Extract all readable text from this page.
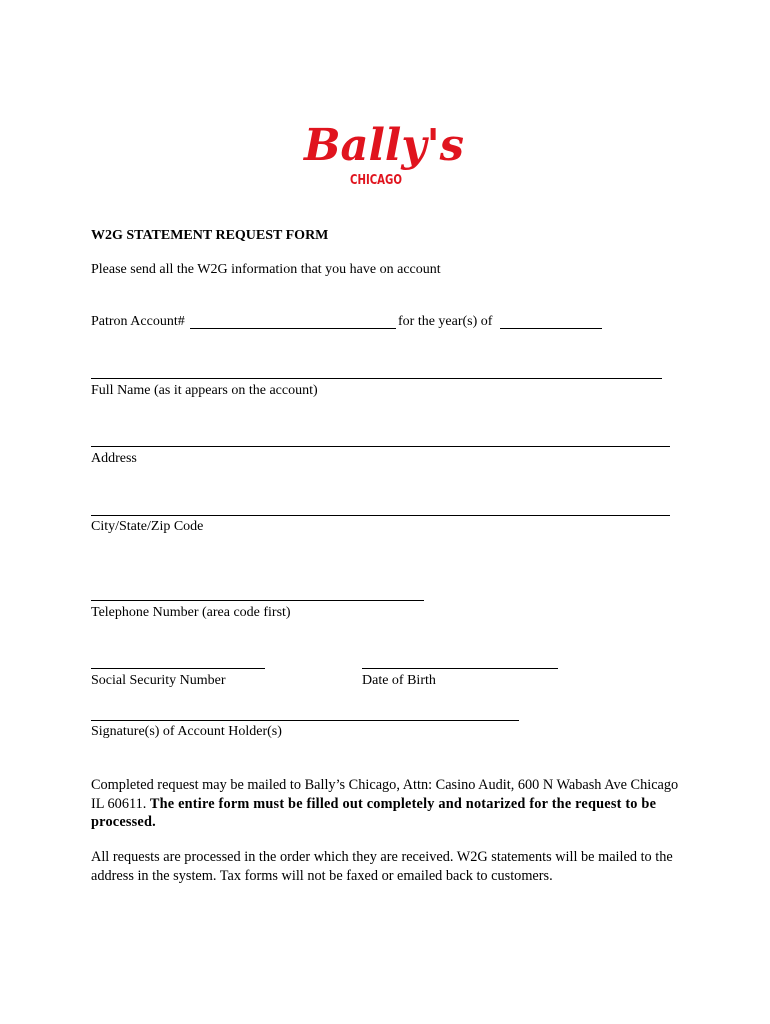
Bally's
CHICAGO
W2G STATEMENT REQUEST FORM
Please send all the W2G information that you have on account
Patron Account#	for the year(s) of
Full Name (as it appears on the account)
Address
City/State/Zip Code
Telephone Number (area code first)
Social Security Number	Date of Birth
Signature(s) of Account Holder(s)
Completed request may be mailed to Bally’s Chicago, Attn: Casino Audit, 600 N Wabash Ave Chicago IL 60611. The entire form must be filled out completely and notarized for the request to be processed.
All requests are processed in the order which they are received. W2G statements will be mailed to the address in the system. Tax forms will not be faxed or emailed back to customers.
